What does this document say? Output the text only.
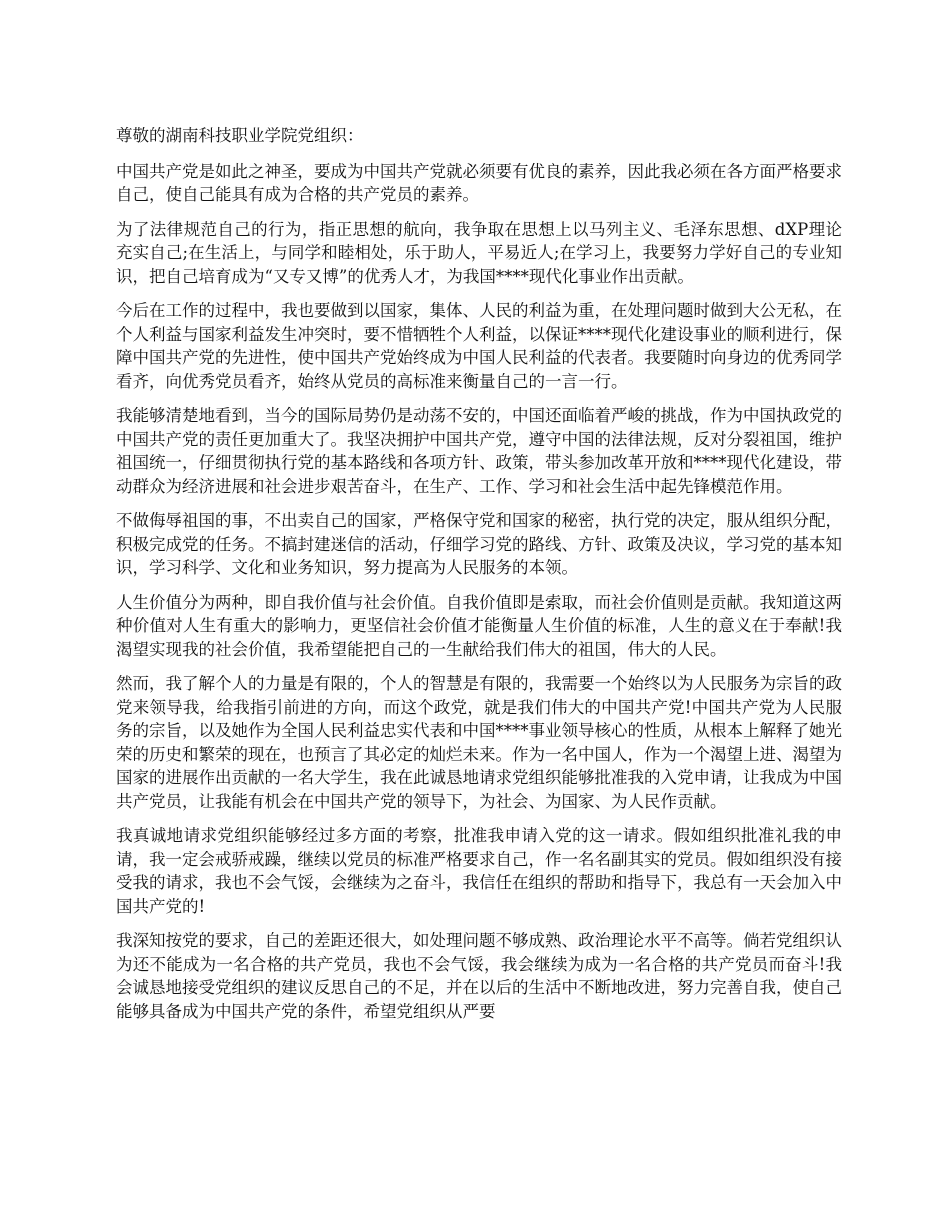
尊敬的湖南科技职业学院党组织：

中国共产党是如此之神圣，要成为中国共产党就必须要有优良的素养，因此我必须在各方面严格要求自己，使自己能具有成为合格的共产党员的素养。

为了法律规范自己的行为，指正思想的航向，我争取在思想上以马列主义、毛泽东思想、dXP理论充实自己;在生活上，与同学和睦相处，乐于助人，平易近人;在学习上，我要努力学好自己的专业知识，把自己培育成为“又专又博”的优秀人才，为我国****现代化事业作出贡献。

今后在工作的过程中，我也要做到以国家，集体、人民的利益为重，在处理问题时做到大公无私，在个人利益与国家利益发生冲突时，要不惜牺牲个人利益，以保证****现代化建设事业的顺利进行，保障中国共产党的先进性，使中国共产党始终成为中国人民利益的代表者。我要随时向身边的优秀同学看齐，向优秀党员看齐，始终从党员的高标准来衡量自己的一言一行。

我能够清楚地看到，当今的国际局势仍是动荡不安的，中国还面临着严峻的挑战，作为中国执政党的中国共产党的责任更加重大了。我坚决拥护中国共产党，遵守中国的法律法规，反对分裂祖国，维护祖国统一，仔细贯彻执行党的基本路线和各项方针、政策，带头参加改革开放和****现代化建设，带动群众为经济进展和社会进步艰苦奋斗，在生产、工作、学习和社会生活中起先锋模范作用。

不做侮辱祖国的事，不出卖自己的国家，严格保守党和国家的秘密，执行党的决定，服从组织分配，积极完成党的任务。不搞封建迷信的活动，仔细学习党的路线、方针、政策及决议，学习党的基本知识，学习科学、文化和业务知识，努力提高为人民服务的本领。

人生价值分为两种，即自我价值与社会价值。自我价值即是索取，而社会价值则是贡献。我知道这两种价值对人生有重大的影响力，更坚信社会价值才能衡量人生价值的标准，人生的意义在于奉献!我渴望实现我的社会价值，我希望能把自己的一生献给我们伟大的祖国，伟大的人民。

然而，我了解个人的力量是有限的，个人的智慧是有限的，我需要一个始终以为人民服务为宗旨的政党来领导我，给我指引前进的方向，而这个政党，就是我们伟大的中国共产党!中国共产党为人民服务的宗旨，以及她作为全国人民利益忠实代表和中国****事业领导核心的性质，从根本上解释了她光荣的历史和繁荣的现在，也预言了其必定的灿烂未来。作为一名中国人，作为一个渴望上进、渴望为国家的进展作出贡献的一名大学生，我在此诚恳地请求党组织能够批准我的入党申请，让我成为中国共产党员，让我能有机会在中国共产党的领导下，为社会、为国家、为人民作贡献。

我真诚地请求党组织能够经过多方面的考察，批准我申请入党的这一请求。假如组织批准礼我的申请，我一定会戒骄戒躁，继续以党员的标准严格要求自己，作一名名副其实的党员。假如组织没有接受我的请求，我也不会气馁，会继续为之奋斗，我信任在组织的帮助和指导下，我总有一天会加入中国共产党的!

我深知按党的要求，自己的差距还很大，如处理问题不够成熟、政治理论水平不高等。倘若党组织认为还不能成为一名合格的共产党员，我也不会气馁，我会继续为成为一名合格的共产党员而奋斗!我会诚恳地接受党组织的建议反思自己的不足，并在以后的生活中不断地改进，努力完善自我，使自己能够具备成为中国共产党的条件，希望党组织从严要
